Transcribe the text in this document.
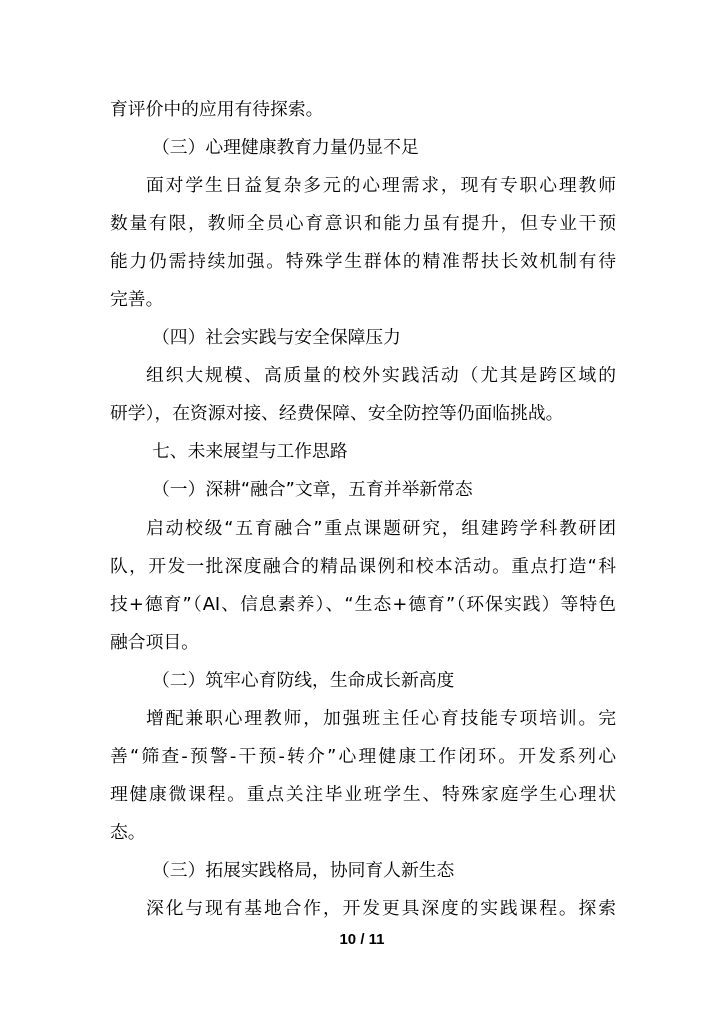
育评价中的应用有待探索。
（三）心理健康教育力量仍显不足
面对学生日益复杂多元的心理需求，现有专职心理教师
数量有限，教师全员心育意识和能力虽有提升，但专业干预
能力仍需持续加强。特殊学生群体的精准帮扶长效机制有待
完善。
（四）社会实践与安全保障压力
组织大规模、高质量的校外实践活动（尤其是跨区域的
研学），在资源对接、经费保障、安全防控等仍面临挑战。
七、未来展望与工作思路
（一）深耕“融合”文章，五育并举新常态
启动校级“五育融合”重点课题研究，组建跨学科教研团
队，开发一批深度融合的精品课例和校本活动。重点打造“科
技+德育”（AI、信息素养）、“生态+德育”（环保实践）等特色
融合项目。
（二）筑牢心育防线，生命成长新高度
增配兼职心理教师，加强班主任心育技能专项培训。完
善“筛查-预警-干预-转介”心理健康工作闭环。开发系列心
理健康微课程。重点关注毕业班学生、特殊家庭学生心理状
态。
（三）拓展实践格局，协同育人新生态
深化与现有基地合作，开发更具深度的实践课程。探索
10 / 11
